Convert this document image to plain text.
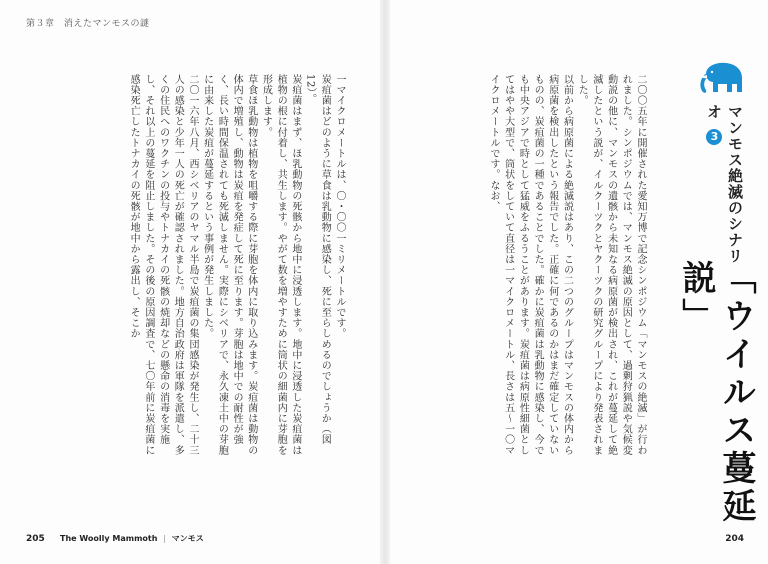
第３章　消えたマンモスの謎

一マイクロメートルは、〇・〇〇一ミリメートルです。

炭疽菌はどのように草食は乳動物に感染し、死に至らしめるのでしょうか（図12）。

炭疽菌はまず、ほ乳動物の死骸から地中に浸透します。地中に浸透した炭疽菌は植物の根に付着し、共生します。やがて数を増やすために筒状の細菌内に芽胞を形成します。

草食ほ乳動物は植物を咀嚼する際に芽胞を体内に取り込みます。炭疽菌は動物の体内で増殖し、動物は炭疽を発症して死に至ります。芽胞は地中での耐性が強く、長い時間保温されても死滅しません。実際にシベリアで、永久凍土中の芽胞に由来した炭疽が蔓延するという事例が発生しました。

二〇一六年八月、西シベリアのヤマル半島で炭疽菌の集団感染が発生し、二十三人の感染と少年一人の死亡が確認されました。地方自治政府は軍隊を派遣し、多くの住民へのワクチンの投与やトナカイの死骸の焼却などの懸命の消毒を実施し、それ以上の蔓延を阻止しました。その後の原因調査で、七〇年前に炭疽菌に感染死亡したトナカイの死骸が地中から露出し、そこか

205 The Woolly Mammoth | マンモス

二〇〇五年に開催された愛知万博で記念シンポジウム「マンモスの絶滅」が行われました。シンポジウムでは、マンモス絶滅の原因として、過剰狩猟説や気候変動説の他に、マンモスの遺骸から未知なる病原菌が検出され、これが蔓延して絶滅したという説が、イルクーツクとヤクーツクの研究グループにより発表されました。

以前から病原菌による絶滅説はあり、この二つのグループはマンモスの体内から病原菌を検出したという報告でした。正確に何であるのかはまだ確定していないものの、炭疽菌の一種であることでした。確かに炭疽菌は乳動物に感染し、今でも中央アジアで時として猛威をふるうことがあります。炭疽菌は病原性細菌としてはやや大型で、筒状をしていて直径は一マイクロメートル、長さは五～一〇マイクロメートルです。なお、	マンモス絶滅のシナリオ 3
「ウイルス蔓延説」
204
